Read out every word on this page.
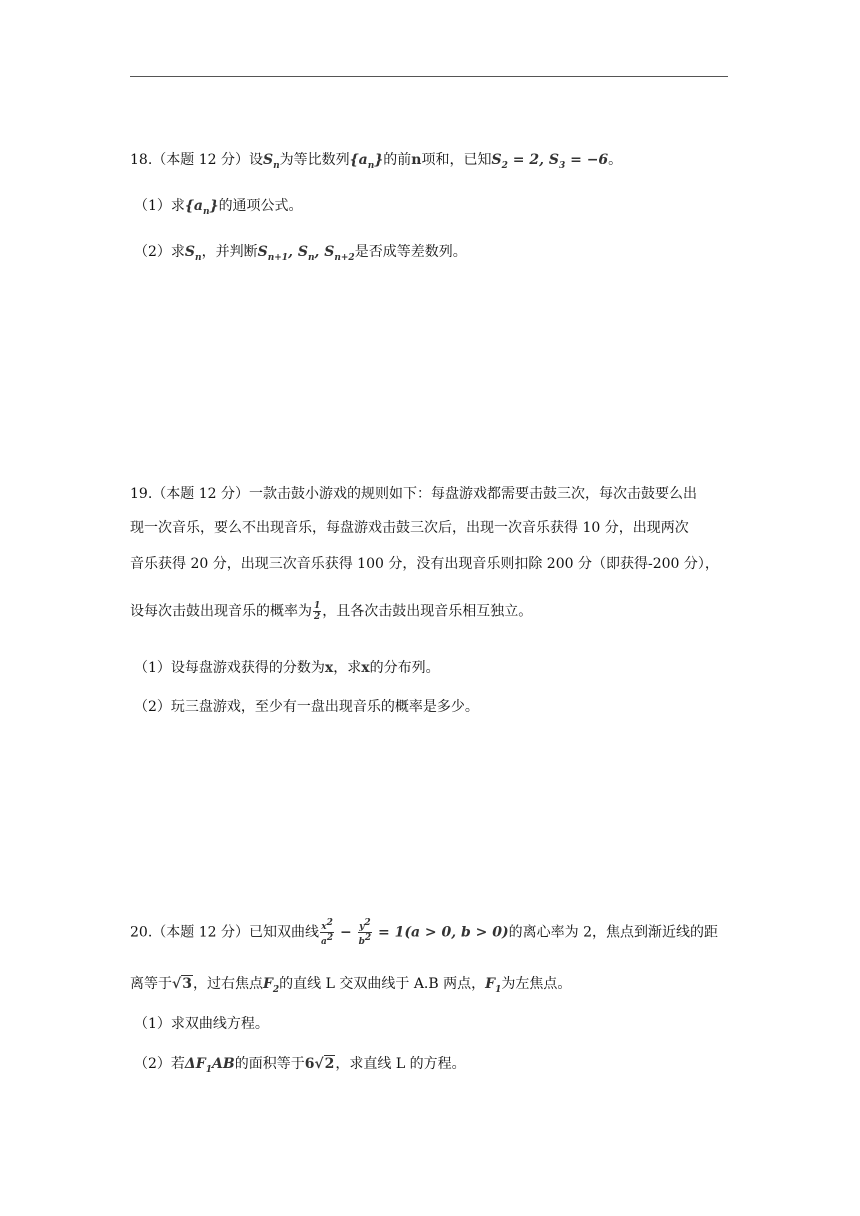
18.（本题 12 分）设$S_n$为等比数列$\{a_n\}$的前n项和，已知$S_2 = 2$, $S_3 = -6$。
（1）求$\{a_n\}$的通项公式。
（2）求$S_n$，并判断$S_{n+1}$, $S_n$, $S_{n+2}$是否成等差数列。
19.（本题 12 分）一款击鼓小游戏的规则如下：每盘游戏都需要击鼓三次，每次击鼓要么出
现一次音乐，要么不出现音乐，每盘游戏击鼓三次后，出现一次音乐获得 10 分，出现两次
音乐获得 20 分，出现三次音乐获得 100 分，没有出现音乐则扣除 200 分（即获得-200 分），
设每次击鼓出现音乐的概率为 $\frac{1}{2}$ ，且各次击鼓出现音乐相互独立。
（1）设每盘游戏获得的分数为x，求x的分布列。
（2）玩三盘游戏，至少有一盘出现音乐的概率是多少。
20.（本题 12 分）已知双曲线 $\frac{x^2}{a^2} - \frac{y^2}{b^2} = 1(a > 0$, b > 0)的离心率为 2，焦点到渐近线的距
离等于√3，过右焦点$F_2$的直线 L 交双曲线于 A.B 两点，$F_1$为左焦点。
（1）求双曲线方程。
（2）若$\Delta F_1AB$的面积等于6√2，求直线 L 的方程。
